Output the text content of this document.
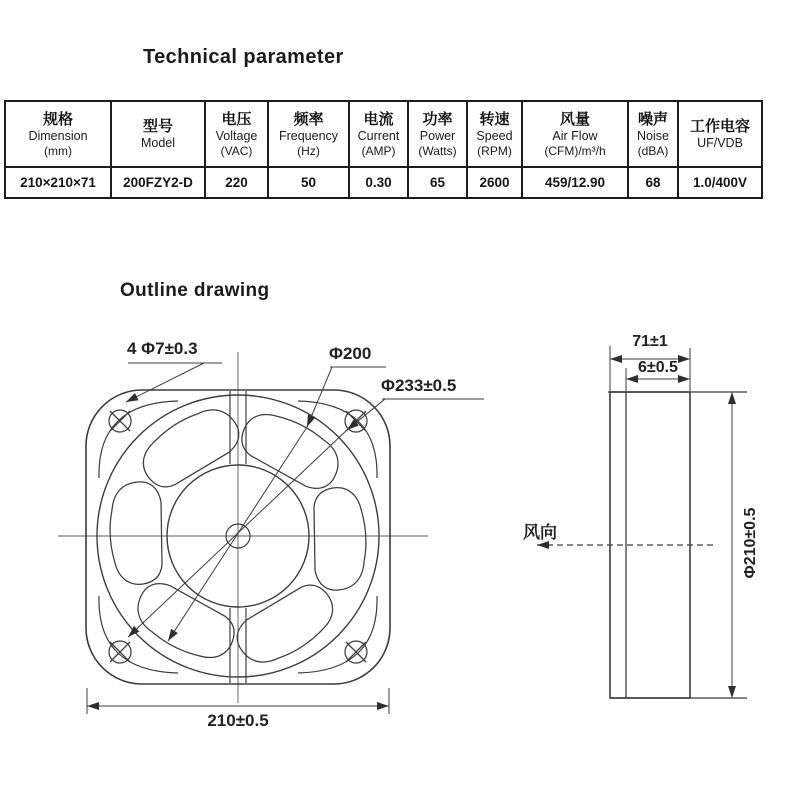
Technical parameter
Outline drawing
规格
Dimension
(mm)	型号
Model	电压
Voltage
(VAC)	频率
Frequency
(Hz)	电流
Current
(AMP)	功率
Power
(Watts)	转速
Speed
(RPM)	风量
Air Flow
(CFM)/m³/h	噪声
Noise
(dBA)	工作电容
UF/VDB

210×210×71	200FZY2-D	220	50	0.30	65	2600	459/12.90	68	1.0/400V
4 Φ7±0.3	Φ200
Φ233±0.5
210±0.5
71±1
6±0.5
Φ210±0.5
风向
